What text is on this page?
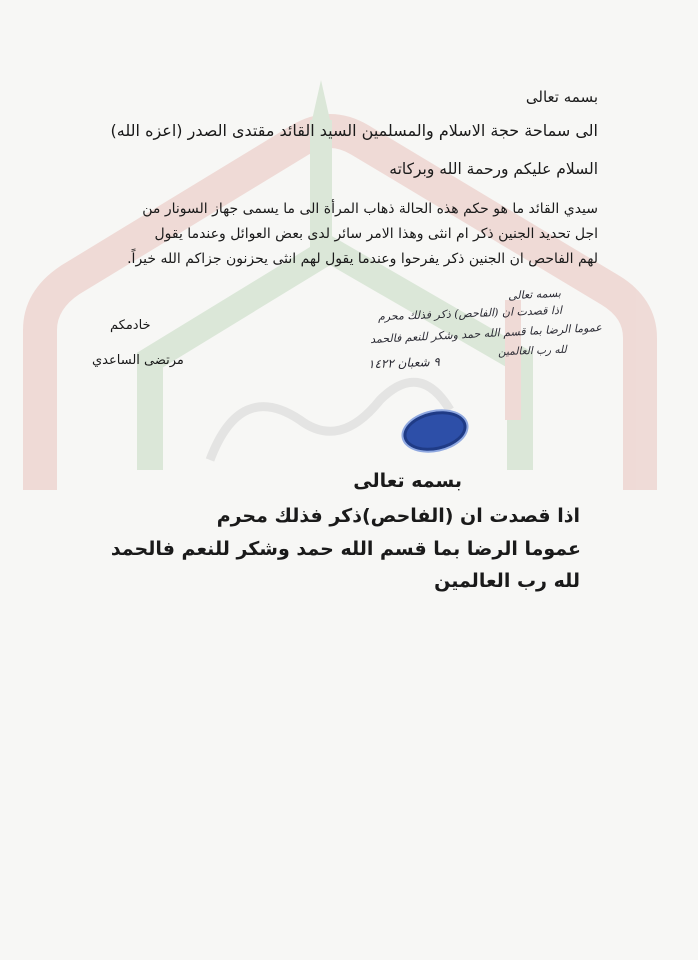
بسمه تعالى
الى سماحة حجة الاسلام والمسلمين السيد القائد مقتدى الصدر (اعزه الله)
السلام عليكم ورحمة الله وبركاته
سيدي القائد ما هو حكم هذه الحالة ذهاب المرأة الى ما يسمى جهاز السونار من
اجل تحديد الجنين ذكر ام انثى وهذا الامر سائر لدى بعض العوائل وعندما يقول
لهم الفاحص ان الجنين ذكر يفرحوا وعندما يقول لهم انثى يحزنون جزاكم الله خيراً.
خادمكم
مرتضى الساعدي
بسمه تعالى
اذا قصدت ان (الفاحص) ذكر فذلك محرم
عموما الرضا بما قسم الله حمد وشكر للنعم فالحمد
لله رب العالمين
٩ شعبان ١٤٢٢
بسمه تعالى
اذا قصدت ان (الفاحص)ذكر فذلك محرم
عموما الرضا بما قسم الله حمد وشكر للنعم فالحمد
لله رب العالمين
